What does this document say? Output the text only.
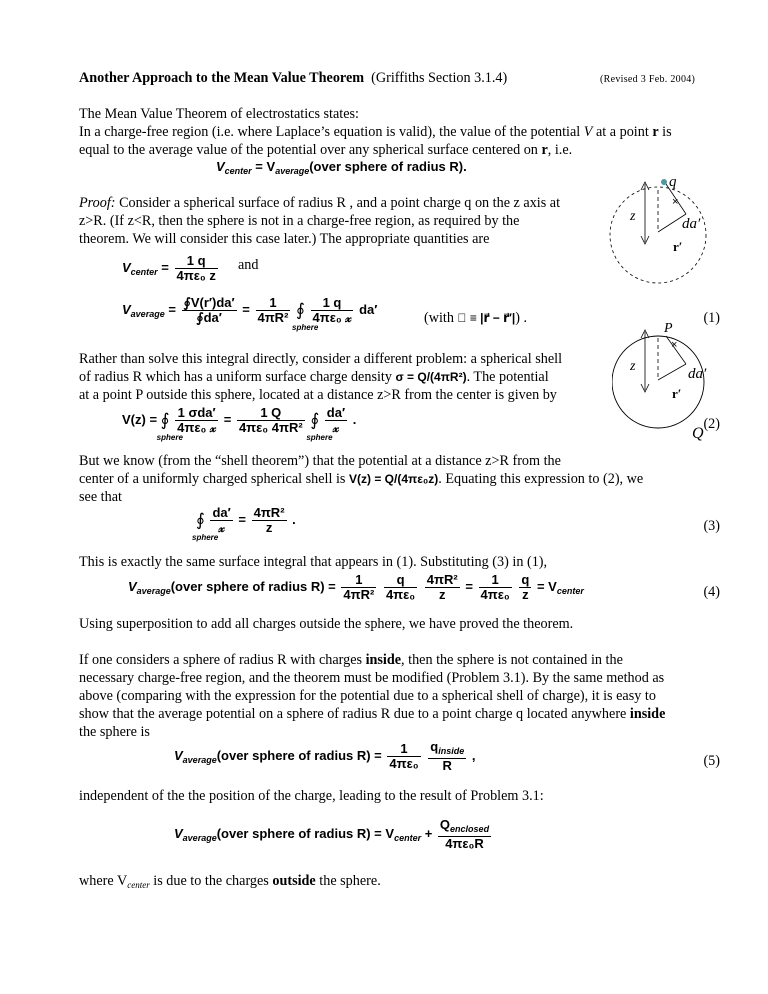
Another Approach to the Mean Value Theorem (Griffiths Section 3.1.4)	(Revised 3 Feb. 2004)
The Mean Value Theorem of electrostatics states:
In a charge-free region (i.e. where Laplace’s equation is valid), the value of the potential V at a point r is
equal to the average value of the potential over any spherical surface centered on r, i.e.
$V_{center}$ = $V_{average}(over$ sphere of radius R).
Proof: Consider a spherical surface of radius R , and a point charge q on the z axis at
z>R. (If z<R, then the sphere is not in a charge-free region, as required by the
theorem. We will consider this case later.) The appropriate quantities are
$V_{center} = \frac{1 q}{\text{4πε₀ z}}$ and
$V_{average} = \frac{∮V(r')da'}{∮da'} = \frac{1}{\text{4πR²}}$ ∮
sphere

$\frac{1 q}{\text{4πε₀ 𝓍}} da'$
(with 𝓍 ≡ |r⃗ − r⃗′|) .	(1)
Rather than solve this integral directly, consider a different problem: a spherical shell
of radius R which has a uniform surface charge density σ = Q/(4πR²). The potential
at a point P outside this sphere, located at a distance z>R from the center is given by
V(z) = ∮
sphere

$\frac{\text{1 σda′}}{\text{4πε₀ 𝓍}} = \frac{1 Q}{\text{4πε₀ 4πR²}}$ ∮
sphere

$\frac{da'}{\text{𝓍}}$ .	(2)
But we know (from the “shell theorem”) that the potential at a distance z>R from the
center of a uniformly charged spherical shell is V(z) = Q/(4πε₀z). Equating this expression to (2), we
see that
∮
sphere

$\frac{da'}{\text{𝓍}} = \frac{\text{4πR²}}{z}$ .	(3)
This is exactly the same surface integral that appears in (1). Substituting (3) in (1),
$V_{average}(over$ sphere of radius $R) = \frac{1}{\text{4πR²}}$
$\frac{q}{\text{4πε₀}}$
$\frac{\text{4πR²}}{z} = \frac{1}{\text{4πε₀}}$
$\frac{q}{z} = V_{center}$	(4)
Using superposition to add all charges outside the sphere, we have proved the theorem.
If one considers a sphere of radius R with charges inside, then the sphere is not contained in the
necessary charge-free region, and the theorem must be modified (Problem 3.1). By the same method as
above (comparing with the expression for the potential due to a spherical shell of charge), it is easy to
show that the average potential on a sphere of radius R due to a point charge q located anywhere inside
the sphere is
$V_{average}(over$ sphere of radius $R) = \frac{1}{\text{4πε₀}}$
$\frac{q_{inside}}{R}$ ,	(5)
independent of the the position of the charge, leading to the result of Problem 3.1:
$V_{average}(over$ sphere of radius $R) = V_{center} + \frac{Q_{enclosed}}{\text{4πε₀R}}$
where $V_{center}$ is due to the charges outside the sphere.
q
z	da′
r′
×
P
z	da′
r′
Q
×
